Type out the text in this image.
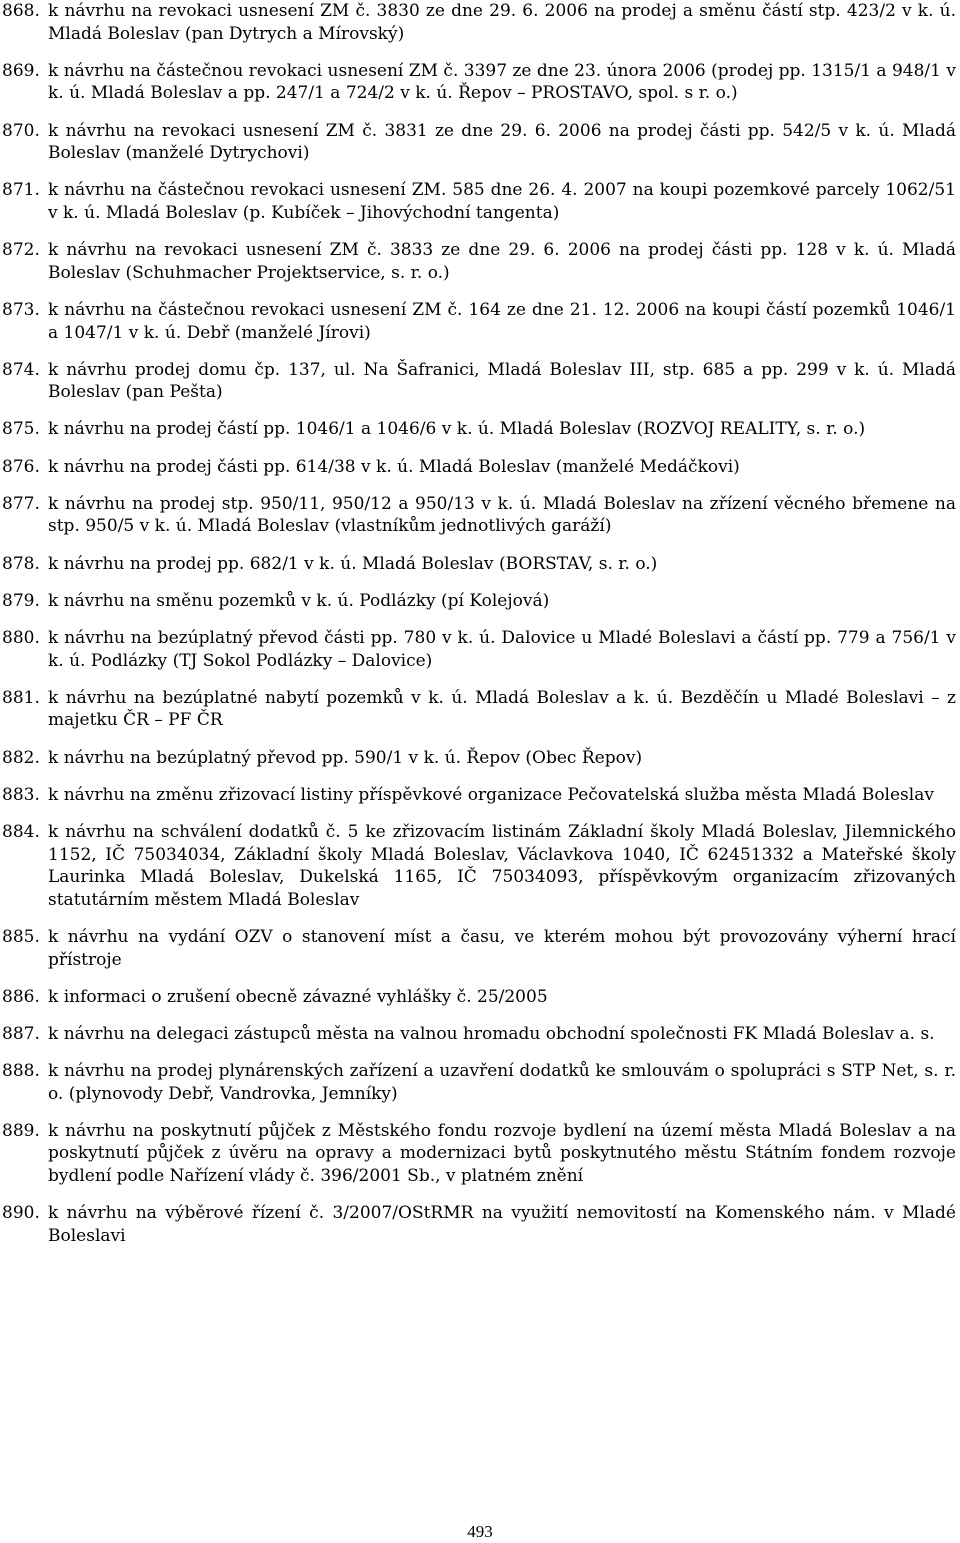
868. k návrhu na revokaci usnesení ZM č. 3830 ze dne 29. 6. 2006 na prodej a směnu částí stp. 423/2 v k. ú. Mladá Boleslav (pan Dytrych a Mírovský)
869. k návrhu na částečnou revokaci usnesení ZM č. 3397 ze dne 23. února 2006 (prodej pp. 1315/1 a 948/1 v k. ú. Mladá Boleslav a pp. 247/1 a 724/2 v k. ú. Řepov – PROSTAVO, spol. s r. o.)
870. k návrhu na revokaci usnesení ZM č. 3831 ze dne 29. 6. 2006 na prodej části pp. 542/5 v k. ú. Mladá Boleslav (manželé Dytrychovi)
871. k návrhu na částečnou revokaci usnesení ZM. 585 dne 26. 4. 2007 na koupi pozemkové parcely 1062/51 v k. ú. Mladá Boleslav (p. Kubíček – Jihovýchodní tangenta)
872. k návrhu na revokaci usnesení ZM č. 3833 ze dne 29. 6. 2006 na prodej části pp. 128 v k. ú. Mladá Boleslav (Schuhmacher Projektservice, s. r. o.)
873. k návrhu na částečnou revokaci usnesení ZM č. 164 ze dne 21. 12. 2006 na koupi částí pozemků 1046/1 a 1047/1 v k. ú. Debř (manželé Jírovi)
874. k návrhu prodej domu čp. 137, ul. Na Šafranici, Mladá Boleslav III, stp. 685 a pp. 299 v k. ú. Mladá Boleslav (pan Pešta)
875. k návrhu na prodej částí pp. 1046/1 a 1046/6 v k. ú. Mladá Boleslav (ROZVOJ REALITY, s. r. o.)
876. k návrhu na prodej části pp. 614/38 v k. ú. Mladá Boleslav (manželé Medáčkovi)
877. k návrhu na prodej stp. 950/11, 950/12 a 950/13 v k. ú. Mladá Boleslav na zřízení věcného břemene na stp. 950/5 v k. ú. Mladá Boleslav (vlastníkům jednotlivých garáží)
878. k návrhu na prodej pp. 682/1 v k. ú. Mladá Boleslav (BORSTAV, s. r. o.)
879. k návrhu na směnu pozemků v k. ú. Podlázky (pí Kolejová)
880. k návrhu na bezúplatný převod části pp. 780 v k. ú. Dalovice u Mladé Boleslavi a částí pp. 779 a 756/1 v k. ú. Podlázky (TJ Sokol Podlázky – Dalovice)
881. k návrhu na bezúplatné nabytí pozemků v k. ú. Mladá Boleslav a k. ú. Bezděčín u Mladé Boleslavi – z majetku ČR – PF ČR
882. k návrhu na bezúplatný převod pp. 590/1 v k. ú. Řepov (Obec Řepov)
883. k návrhu na změnu zřizovací listiny příspěvkové organizace Pečovatelská služba města Mladá Boleslav
884. k návrhu na schválení dodatků č. 5 ke zřizovacím listinám Základní školy Mladá Boleslav, Jilemnického 1152, IČ 75034034, Základní školy Mladá Boleslav, Václavkova 1040, IČ 62451332 a Mateřské školy Laurinka Mladá Boleslav, Dukelská 1165, IČ 75034093, příspěvkovým organizacím zřizovaných statutárním městem Mladá Boleslav
885. k návrhu na vydání OZV o stanovení míst a času, ve kterém mohou být provozovány výherní hrací přístroje
886. k informaci o zrušení obecně závazné vyhlášky č. 25/2005
887. k návrhu na delegaci zástupců města na valnou hromadu obchodní společnosti FK Mladá Boleslav a. s.
888. k návrhu na prodej plynárenských zařízení a uzavření dodatků ke smlouvám o spolupráci s STP Net, s. r. o. (plynovody Debř, Vandrovka, Jemníky)
889. k návrhu na poskytnutí půjček z Městského fondu rozvoje bydlení na území města Mladá Boleslav a na poskytnutí půjček z úvěru na opravy a modernizaci bytů poskytnutého městu Státním fondem rozvoje bydlení podle Nařízení vlády č. 396/2001 Sb., v platném znění
890. k návrhu na výběrové řízení č. 3/2007/OStRMR na využití nemovitostí na Komenského nám. v Mladé Boleslavi
493
